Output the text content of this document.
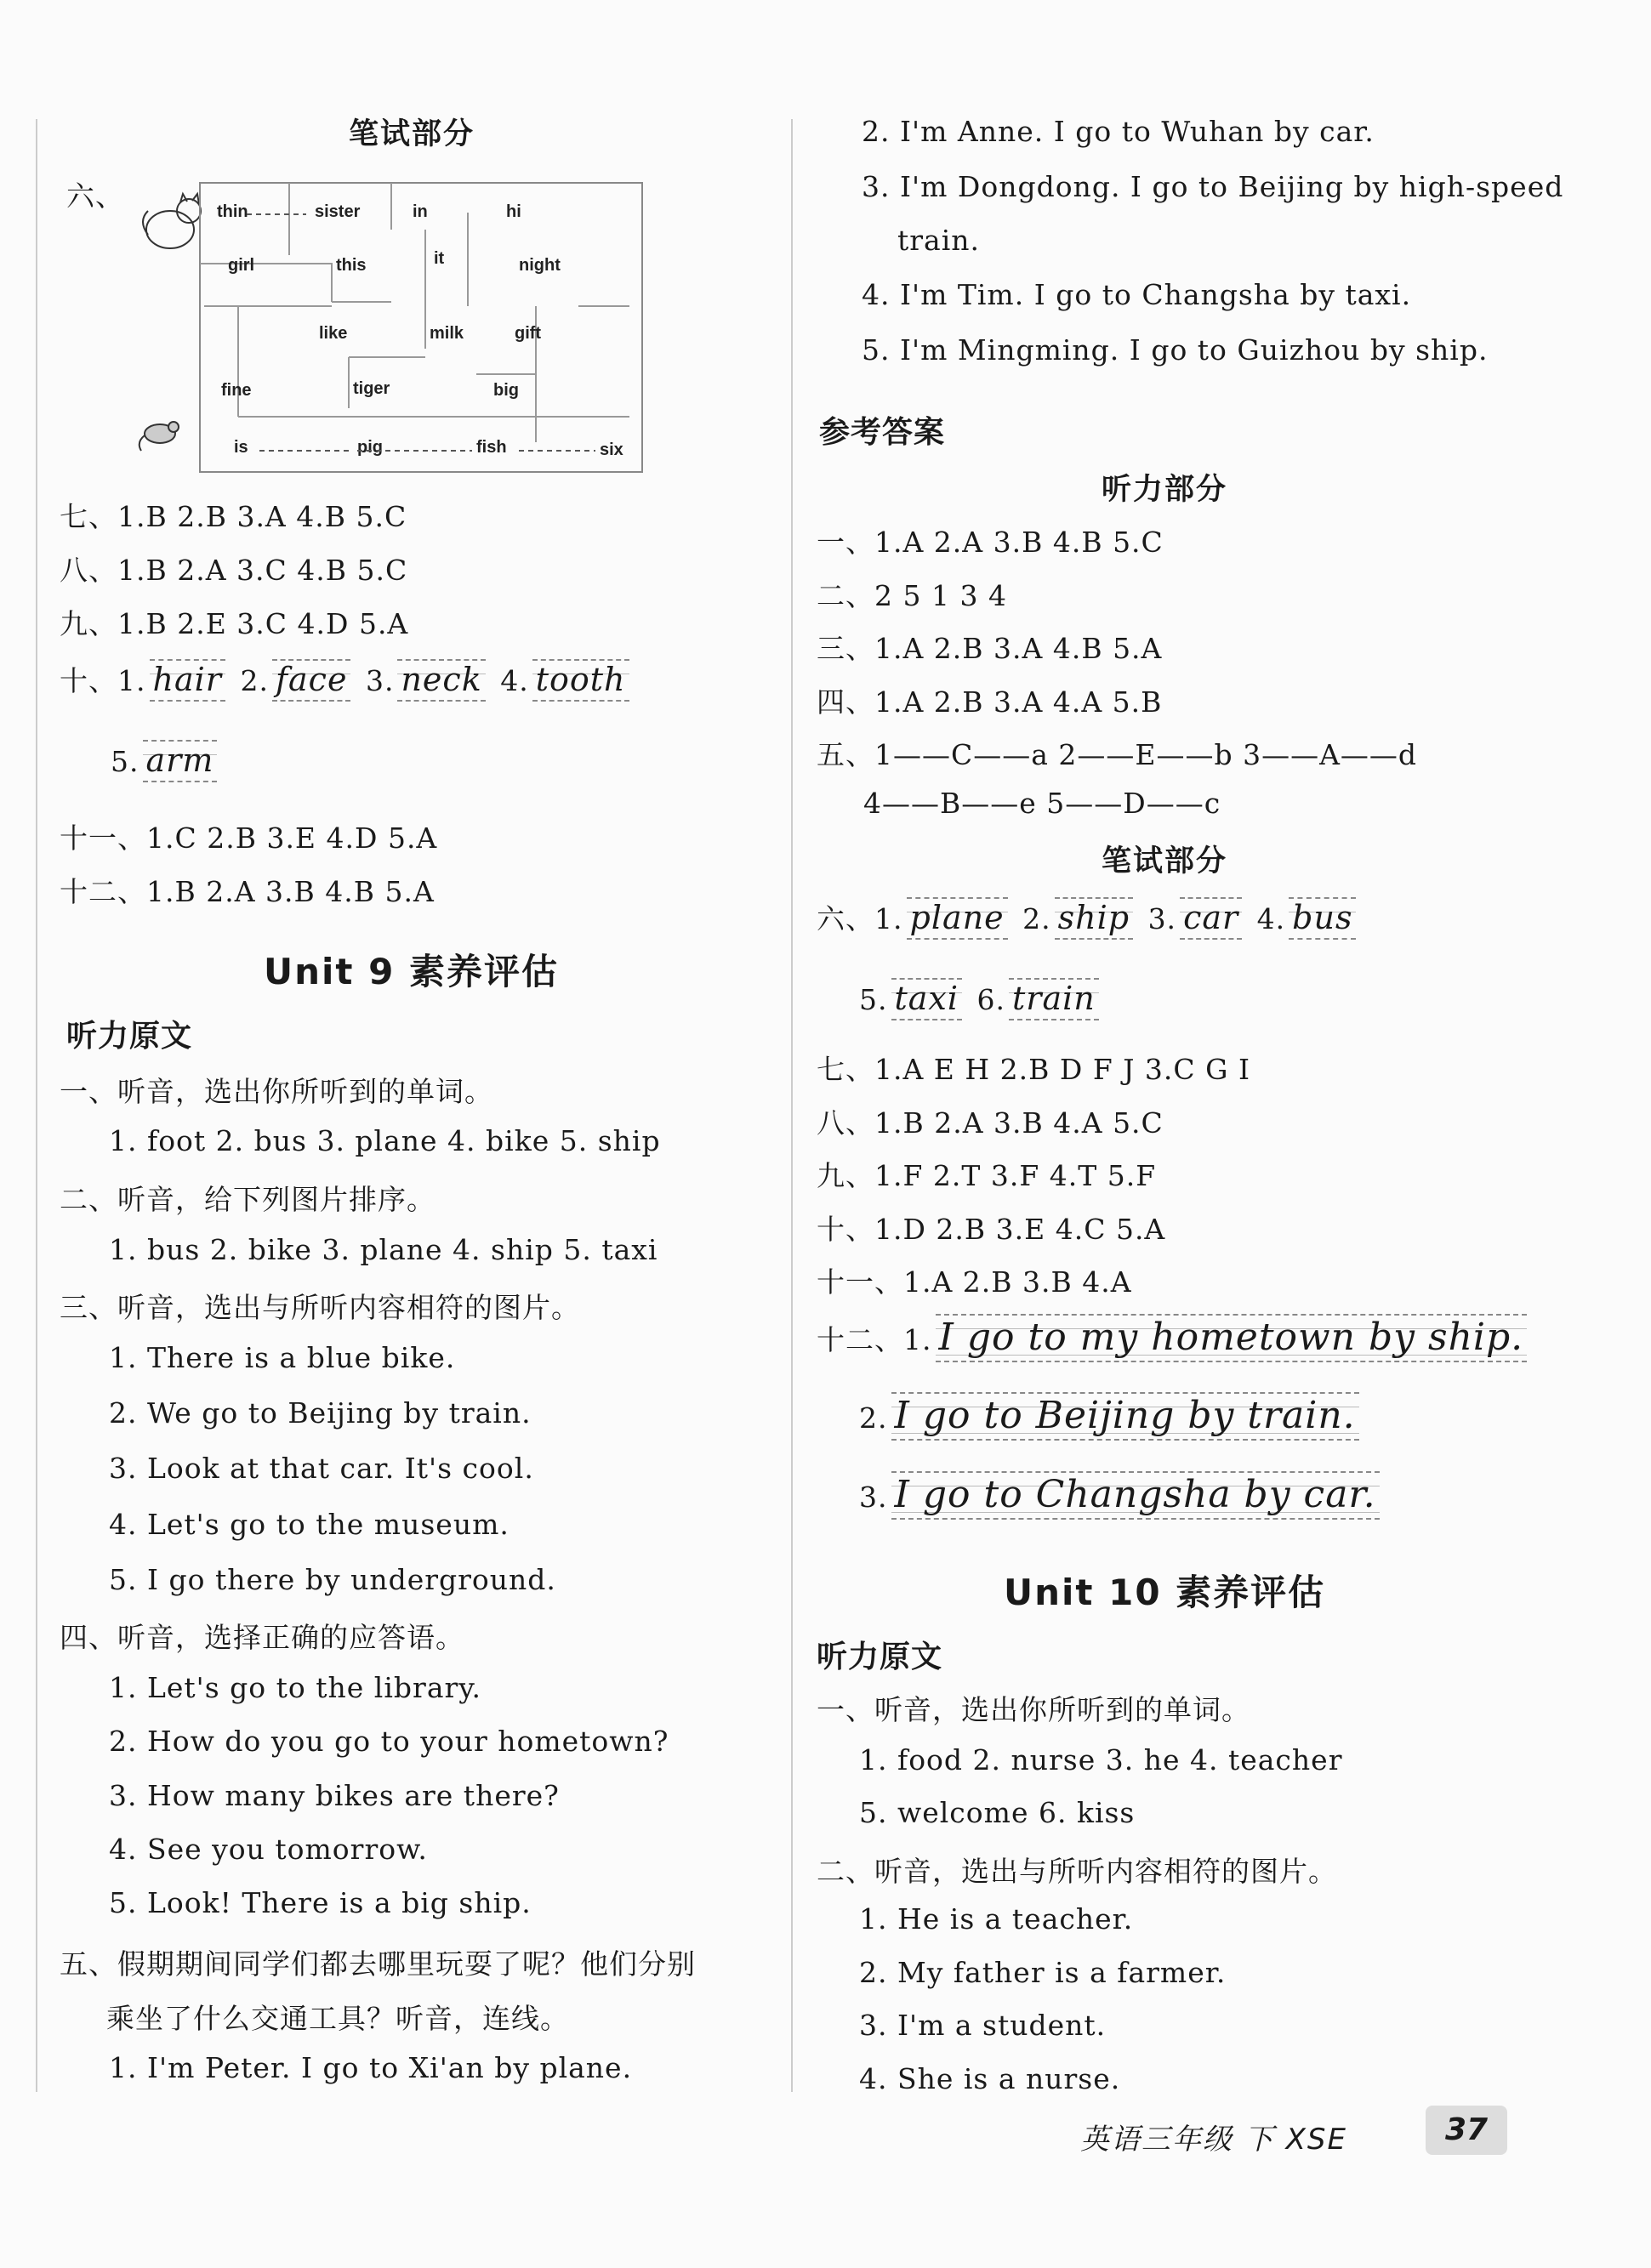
笔试部分
六、
七、1.B 2.B 3.A 4.B 5.C
八、1.B 2.A 3.C 4.B 5.C
九、1.B 2.E 3.C 4.D 5.A
十、1. hair 2. face 3. neck 4. tooth
5. arm
十一、1.C 2.B 3.E 4.D 5.A
十二、1.B 2.A 3.B 4.B 5.A
Unit 9 素养评估
听力原文
一、听音，选出你所听到的单词。
1. foot 2. bus 3. plane 4. bike 5. ship
二、听音，给下列图片排序。
1. bus 2. bike 3. plane 4. ship 5. taxi
三、听音，选出与所听内容相符的图片。
1. There is a blue bike.
2. We go to Beijing by train.
3. Look at that car. It's cool.
4. Let's go to the museum.
5. I go there by underground.
四、听音，选择正确的应答语。
1. Let's go to the library.
2. How do you go to your hometown?
3. How many bikes are there?
4. See you tomorrow.
5. Look! There is a big ship.
五、假期期间同学们都去哪里玩耍了呢？他们分别
乘坐了什么交通工具？听音，连线。
1. I'm Peter. I go to Xi'an by plane.
thin	sister	in	hi
girl	this	it	night
like	milk	gift
fine	tiger	big
is	pig	fish	six
2. I'm Anne. I go to Wuhan by car.
3. I'm Dongdong. I go to Beijing by high-speed
train.
4. I'm Tim. I go to Changsha by taxi.
5. I'm Mingming. I go to Guizhou by ship.
参考答案
听力部分
一、1.A 2.A 3.B 4.B 5.C
二、2 5 1 3 4
三、1.A 2.B 3.A 4.B 5.A
四、1.A 2.B 3.A 4.A 5.B
五、1——C——a 2——E——b 3——A——d
4——B——e 5——D——c
笔试部分
六、1. plane 2. ship 3. car 4. bus
5. taxi 6. train
七、1.A E H 2.B D F J 3.C G I
八、1.B 2.A 3.B 4.A 5.C
九、1.F 2.T 3.F 4.T 5.F
十、1.D 2.B 3.E 4.C 5.A
十一、1.A 2.B 3.B 4.A
十二、1. I go to my hometown by ship.
2. I go to Beijing by train.
3. I go to Changsha by car.
Unit 10 素养评估
听力原文
一、听音，选出你所听到的单词。
1. food 2. nurse 3. he 4. teacher
5. welcome 6. kiss
二、听音，选出与所听内容相符的图片。
1. He is a teacher.
2. My father is a farmer.
3. I'm a student.
4. She is a nurse.
英语三年级 下 XSE	37
